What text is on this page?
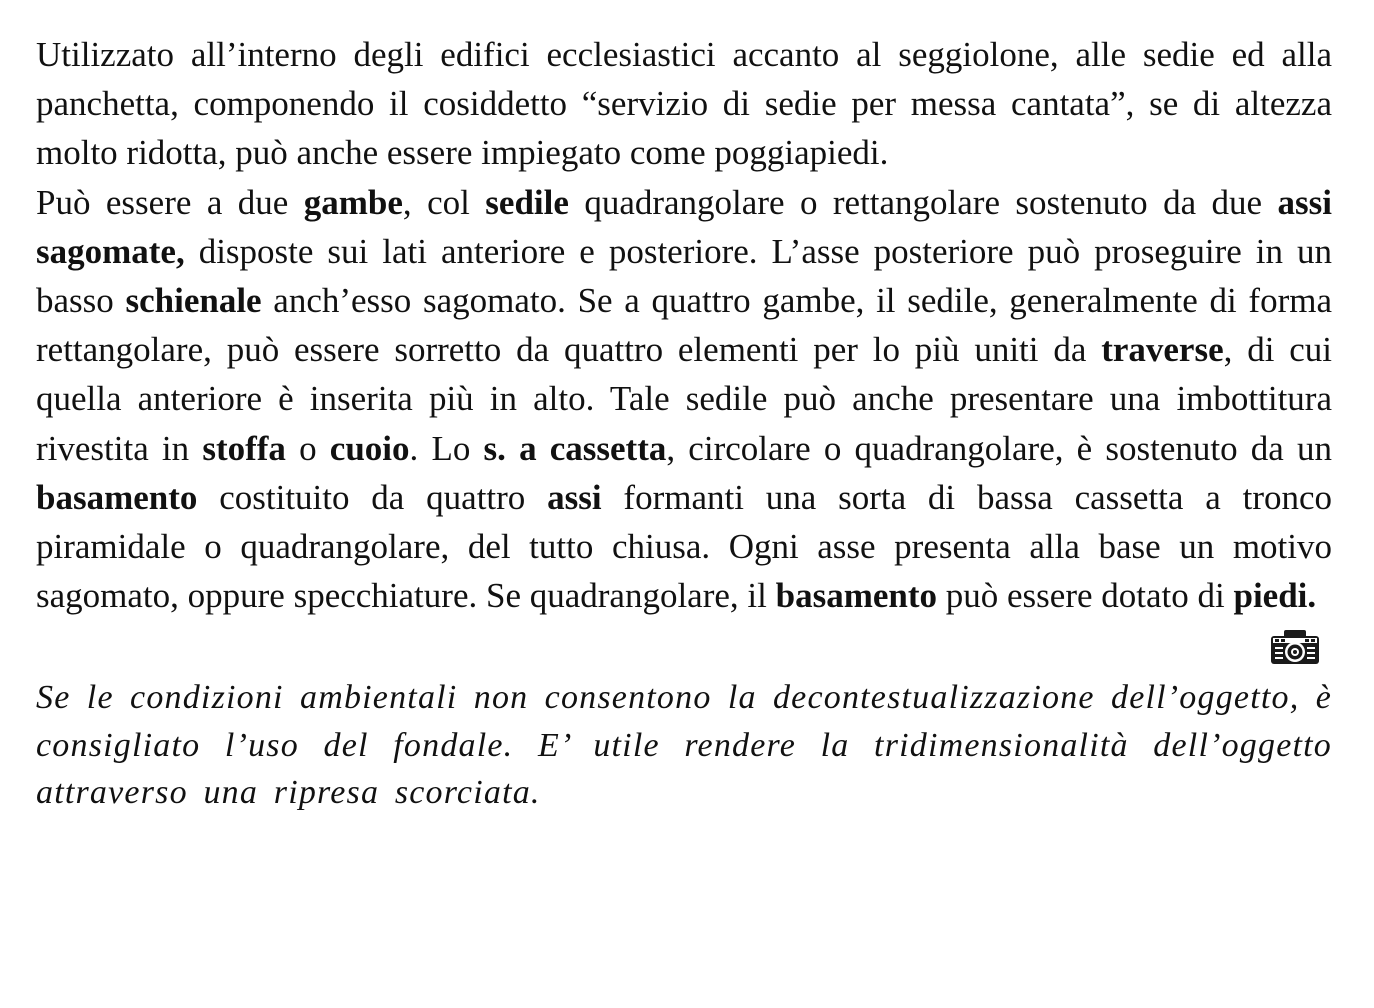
Utilizzato all’interno degli edifici ecclesiastici accanto al seggiolone, alle sedie ed alla panchetta, componendo il cosiddetto “servizio di sedie per messa cantata”, se di altezza molto ridotta, può anche essere impiegato come poggiapiedi.

Può essere a due gambe, col sedile quadrangolare o rettangolare sostenuto da due assi sagomate, disposte sui lati anteriore e posteriore. L’asse posteriore può proseguire in un basso schienale anch’esso sagomato. Se a quattro gambe, il sedile, generalmente di forma rettangolare, può essere sorretto da quattro elementi per lo più uniti da traverse, di cui quella anteriore è inserita più in alto. Tale sedile può anche presentare una imbottitura rivestita in stoffa o cuoio. Lo s. a cassetta, circolare o quadrangolare, è sostenuto da un basamento costituito da quattro assi formanti una sorta di bassa cassetta a tronco piramidale o quadrangolare, del tutto chiusa. Ogni asse presenta alla base un motivo sagomato, oppure specchiature. Se quadrangolare, il basamento può essere dotato di piedi.

Se le condizioni ambientali non consentono la decontestualizzazione dell’oggetto, è consigliato l’uso del fondale. E’ utile rendere la tridimensionalità dell’oggetto attraverso una ripresa scorciata.
